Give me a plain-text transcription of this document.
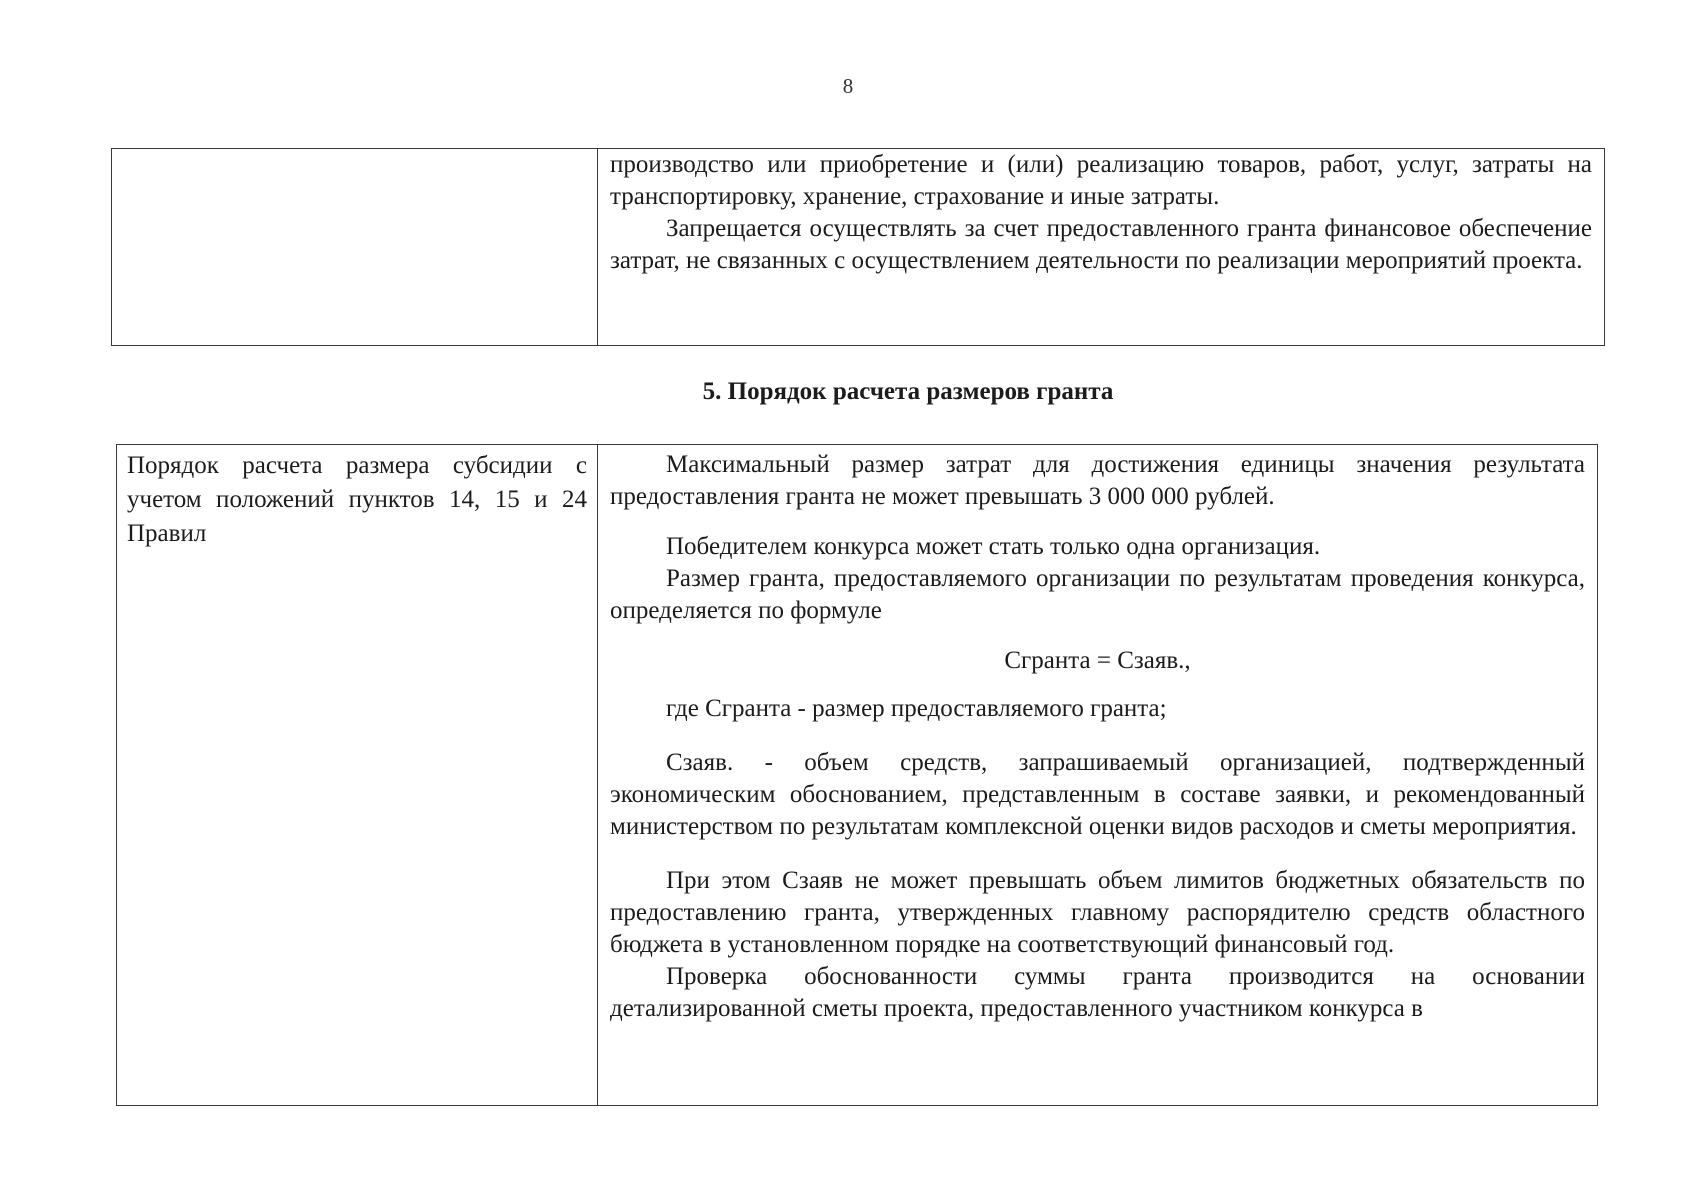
8

производство или приобретение и (или) реализацию товаров, работ, услуг, затраты на транспортировку, хранение, страхование и иные затраты.

Запрещается осуществлять за счет предоставленного гранта финансовое обеспечение затрат, не связанных с осуществлением деятельности по реализации мероприятий проекта.

5. Порядок расчета размеров гранта
Порядок расчета размера субсидии с учетом положений пунктов 14, 15 и 24 Правил

Максимальный размер затрат для достижения единицы значения результата предоставления гранта не может превышать 3 000 000 рублей.

Победителем конкурса может стать только одна организация.

Размер гранта, предоставляемого организации по результатам проведения конкурса, определяется по формуле

Сгранта = Сзаяв.,

где Сгранта - размер предоставляемого гранта;

Сзаяв. - объем средств, запрашиваемый организацией, подтвержденный экономическим обоснованием, представленным в составе заявки, и рекомендованный министерством по результатам комплексной оценки видов расходов и сметы мероприятия.

При этом Сзаяв не может превышать объем лимитов бюджетных обязательств по предоставлению гранта, утвержденных главному распорядителю средств областного бюджета в установленном порядке на соответствующий финансовый год.

Проверка обоснованности суммы гранта производится на основании детализированной сметы проекта, предоставленного участником конкурса в
